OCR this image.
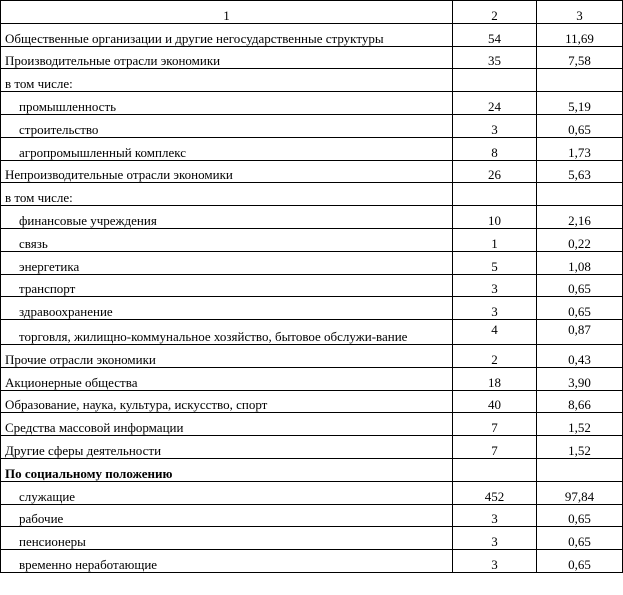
1	2	3
Общественные организации и другие негосударственные структуры	54	11,69
Производительные отрасли экономики	35	7,58
в том числе:		
промышленность	24	5,19
строительство	3	0,65
агропромышленный комплекс	8	1,73
Непроизводительные отрасли экономики	26	5,63
в том числе:		
финансовые учреждения	10	2,16
связь	1	0,22
энергетика	5	1,08
транспорт	3	0,65
здравоохранение	3	0,65
торговля, жилищно-коммунальное хозяйство, бытовое обслужи-вание	4	0,87
Прочие отрасли экономики	2	0,43
Акционерные общества	18	3,90
Образование, наука, культура, искусство, спорт	40	8,66
Средства массовой информации	7	1,52
Другие сферы деятельности	7	1,52
По социальному положению		
служащие	452	97,84
рабочие	3	0,65
пенсионеры	3	0,65
временно неработающие	3	0,65
